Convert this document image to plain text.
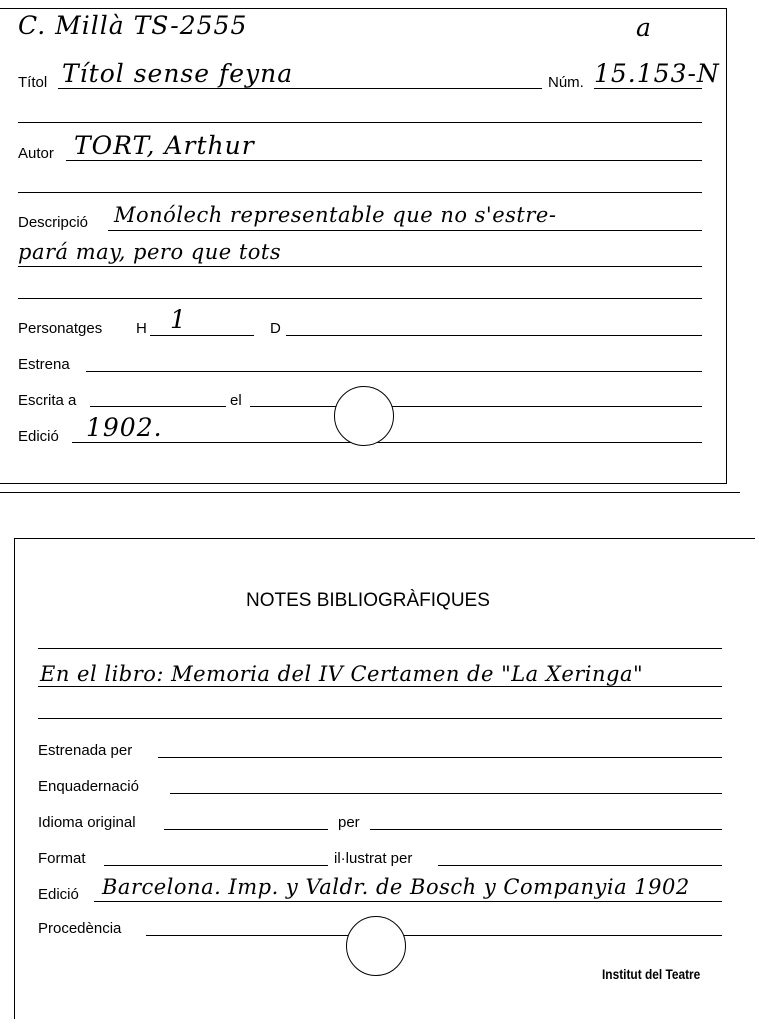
C. Millà TS-2555	a
Títol Títol sense feyna	Núm. 15.153-N
Autor TORT, Arthur
Descripció Monólech representable que no s'estre-
pará may, pero que tots
Personatges H 1	D
Estrena
Escrita a	el
Edició 1902.
NOTES BIBLIOGRÀFIQUES
En el libro: Memoria del IV Certamen de "La Xeringa"
Estrenada per
Enquadernació
Idioma original	per
Format	il·lustrat per
Edició Barcelona. Imp. y Valdr. de Bosch y Companyia 1902
Procedència
Institut del Teatre
